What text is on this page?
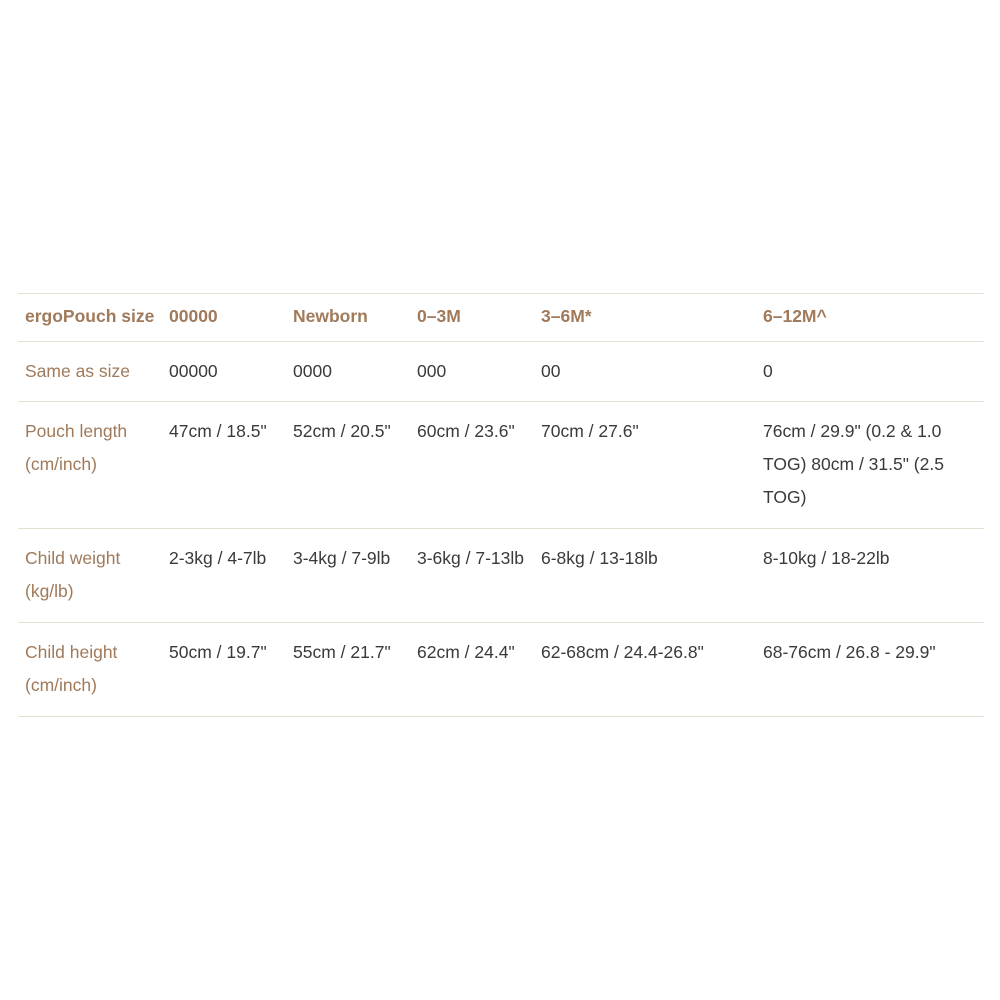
ergoPouch size	00000	Newborn	0–3M	3–6M*	6–12M^
Same as size	00000	0000	000	00	0
Pouch length (cm/inch)	47cm / 18.5"	52cm / 20.5"	60cm / 23.6"	70cm / 27.6"	76cm / 29.9" (0.2 & 1.0 TOG) 80cm / 31.5" (2.5 TOG)
Child weight (kg/lb)	2-3kg / 4-7lb	3-4kg / 7-9lb	3-6kg / 7-13lb	6-8kg / 13-18lb	8-10kg / 18-22lb
Child height (cm/inch)	50cm / 19.7"	55cm / 21.7"	62cm / 24.4"	62-68cm / 24.4-26.8"	68-76cm / 26.8 - 29.9"
